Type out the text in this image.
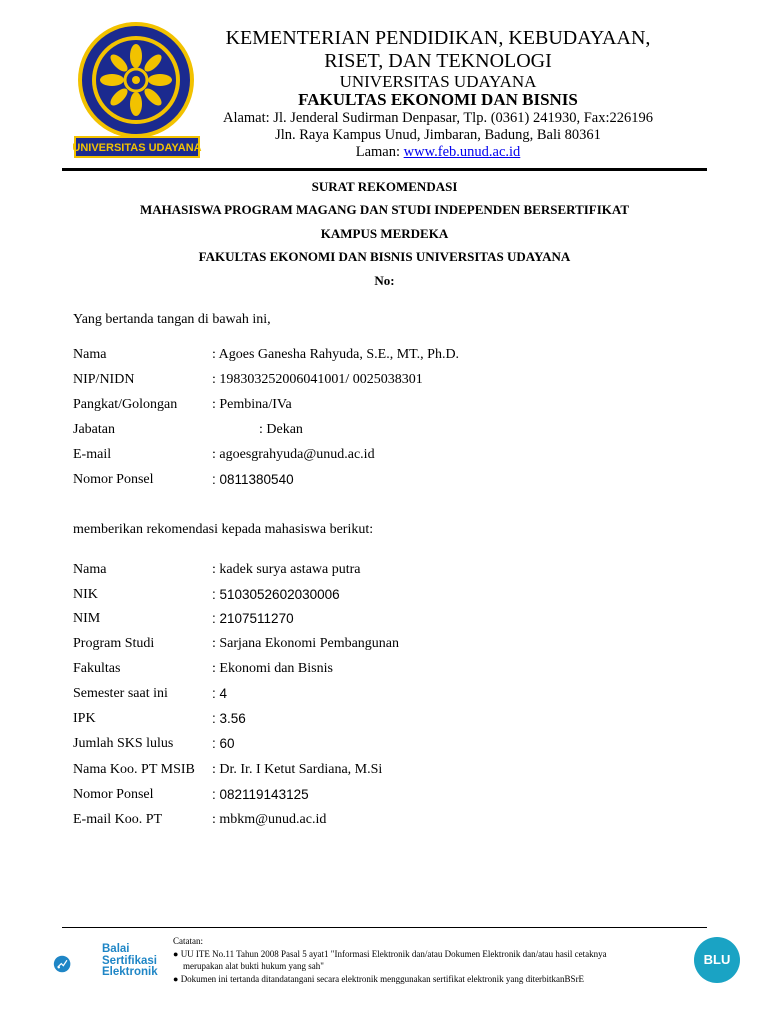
UNIVERSITAS UDAYANA
KEMENTERIAN PENDIDIKAN, KEBUDAYAAN,
RISET, DAN TEKNOLOGI
UNIVERSITAS UDAYANA
FAKULTAS EKONOMI DAN BISNIS
Alamat: Jl. Jenderal Sudirman Denpasar, Tlp. (0361) 241930, Fax:226196
Jln. Raya Kampus Unud, Jimbaran, Badung, Bali 80361
Laman: www.feb.unud.ac.id
SURAT REKOMENDASI
MAHASISWA PROGRAM MAGANG DAN STUDI INDEPENDEN BERSERTIFIKAT
KAMPUS MERDEKA
FAKULTAS EKONOMI DAN BISNIS UNIVERSITAS UDAYANA
No:
Yang bertanda tangan di bawah ini,
Nama	: Agoes Ganesha Rahyuda, S.E., MT., Ph.D.
NIP/NIDN	: 198303252006041001/ 0025038301
Pangkat/Golongan : Pembina/IVa
Jabatan	: Dekan
E-mail	: agoesgrahyuda@unud.ac.id
Nomor Ponsel	: 0811380540
memberikan rekomendasi kepada mahasiswa berikut:
Nama	: kadek surya astawa putra
NIK	: 5103052602030006
NIM	: 2107511270
Program Studi	: Sarjana Ekonomi Pembangunan
Fakultas	: Ekonomi dan Bisnis
Semester saat ini	: 4
IPK	: 3.56
Jumlah SKS lulus	: 60
Nama Koo. PT MSIB : Dr. Ir. I Ketut Sardiana, M.Si
Nomor Ponsel	: 082119143125
E-mail Koo. PT	: mbkm@unud.ac.id
Balai
Sertifikasi
Elektronik
Catatan:
● UU ITE No.11 Tahun 2008 Pasal 5 ayat1 "Informasi Elektronik dan/atau Dokumen Elektronik dan/atau hasil cetaknya
merupakan alat bukti hukum yang sah"
● Dokumen ini tertanda ditandatangani secara elektronik menggunakan sertifikat elektronik yang diterbitkanBSrE
BLU
